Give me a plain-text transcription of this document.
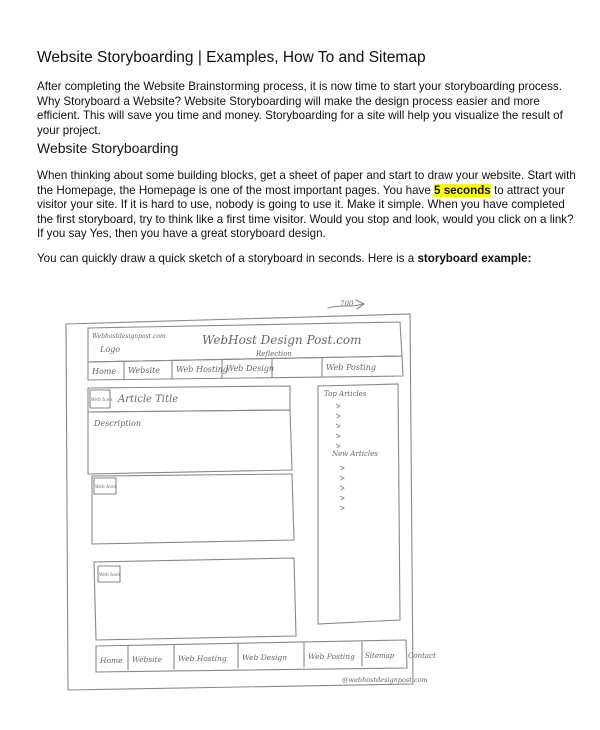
Website Storyboarding | Examples, How To and Sitemap

After completing the Website Brainstorming process, it is now time to start your storyboarding process. Why Storyboard a Website? Website Storyboarding will make the design process easier and more efficient. This will save you time and money. Storyboarding for a site will help you visualize the result of your project.

Website Storyboarding

When thinking about some building blocks, get a sheet of paper and start to draw your website. Start with the Homepage, the Homepage is one of the most important pages. You have 5 seconds to attract your visitor your site. If it is hard to use, nobody is going to use it. Make it simple. When you have completed the first storyboard, try to think like a first time visitor. Would you stop and look, would you click on a link? If you say Yes, then you have a great storyboard design.

You can quickly draw a quick sketch of a storyboard in seconds. Here is a storyboard example:

700
Webhostdesignpost.com
Logo
WebHost Design Post.com
Reflection
Home Website Web Hosting
Web Design	Web Posting
Web Icon Article Title
Description
Top Articles
New Articles
Web Icon
Web Icon
Home Website Web Hosting Web Design	Web Posting Sitemap Contact
@webhostdesignpost.com
